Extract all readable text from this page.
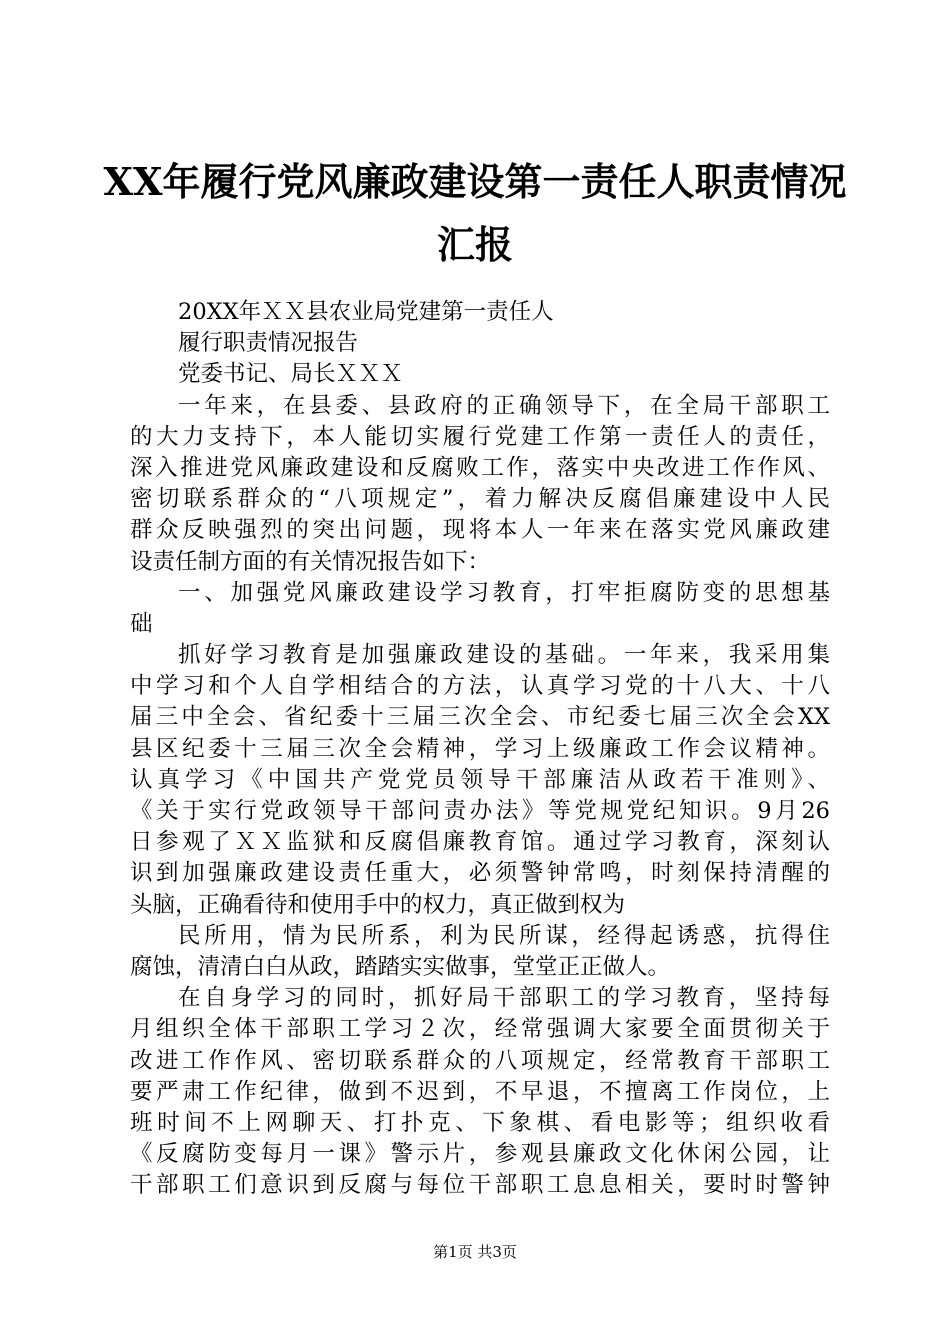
XX年履行党风廉政建设第一责任人职责情况
汇报
20XX年ＸＸ县农业局党建第一责任人
履行职责情况报告
党委书记、局长ＸＸＸ
一年来，在县委、县政府的正确领导下，在全局干部职工
的大力支持下，本人能切实履行党建工作第一责任人的责任，
深入推进党风廉政建设和反腐败工作，落实中央改进工作作风、
密切联系群众的“八项规定”，着力解决反腐倡廉建设中人民
群众反映强烈的突出问题，现将本人一年来在落实党风廉政建
设责任制方面的有关情况报告如下：
一、加强党风廉政建设学习教育，打牢拒腐防变的思想基
础
抓好学习教育是加强廉政建设的基础。一年来，我采用集
中学习和个人自学相结合的方法，认真学习党的十八大、十八
届三中全会、省纪委十三届三次全会、市纪委七届三次全会XX
县区纪委十三届三次全会精神，学习上级廉政工作会议精神。
认真学习《中国共产党党员领导干部廉洁从政若干准则》、
《关于实行党政领导干部问责办法》等党规党纪知识。9月26
日参观了ＸＸ监狱和反腐倡廉教育馆。通过学习教育，深刻认
识到加强廉政建设责任重大，必须警钟常鸣，时刻保持清醒的
头脑，正确看待和使用手中的权力，真正做到权为
民所用，情为民所系，利为民所谋，经得起诱惑，抗得住
腐蚀，清清白白从政，踏踏实实做事，堂堂正正做人。
在自身学习的同时，抓好局干部职工的学习教育，坚持每
月组织全体干部职工学习２次，经常强调大家要全面贯彻关于
改进工作作风、密切联系群众的八项规定，经常教育干部职工
要严肃工作纪律，做到不迟到，不早退，不擅离工作岗位，上
班时间不上网聊天、打扑克、下象棋、看电影等；组织收看
《反腐防变每月一课》警示片，参观县廉政文化休闲公园，让
干部职工们意识到反腐与每位干部职工息息相关，要时时警钟
第1页 共3页
